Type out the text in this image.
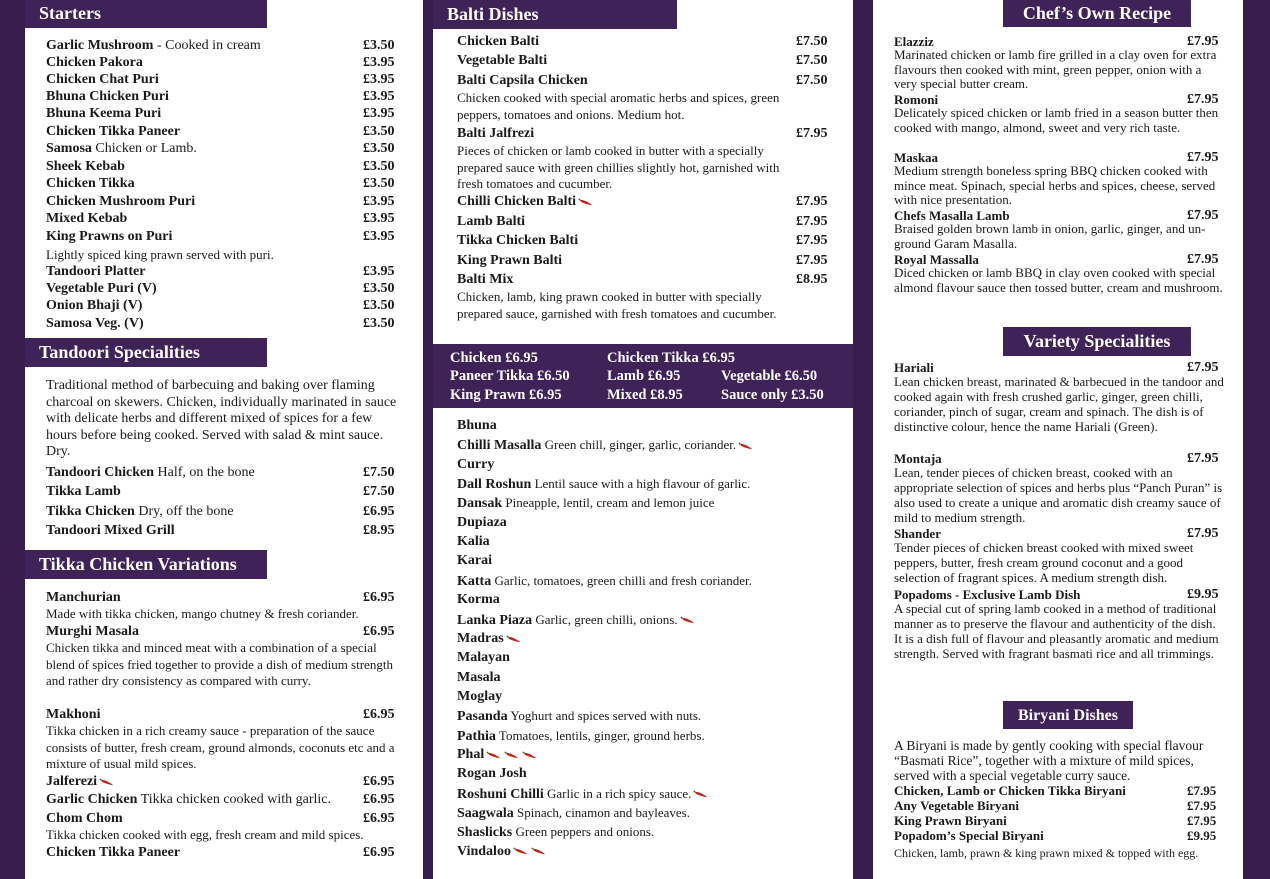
Starters
Tandoori Specialities
Traditional method of barbecuing and baking over flaming charcoal on skewers. Chicken, individually marinated in sauce with delicate herbs and different mixed of spices for a few hours before being cooked. Served with salad & mint sauce. Dry.
Tikka Chicken Variations
Balti Dishes
Chicken £6.95	Chicken Tikka £6.95
Paneer Tikka £6.50	Lamb £6.95	Vegetable £6.50
King Prawn £6.95	Mixed £8.95	Sauce only £3.50
Chef’s Own Recipe
Variety Specialities
Biryani Dishes
A Biryani is made by gently cooking with special flavour “Basmati Rice”, together with a mixture of mild spices, served with a special vegetable curry sauce.
Chicken, lamb, prawn & king prawn mixed & topped with egg.
Garlic Mushroom - Cooked in cream	£3.50
Chicken Pakora	£3.95
Chicken Chat Puri	£3.95
Bhuna Chicken Puri	£3.95
Bhuna Keema Puri	£3.95
Chicken Tikka Paneer	£3.50
Samosa Chicken or Lamb.	£3.50
Sheek Kebab	£3.50
Chicken Tikka	£3.50
Chicken Mushroom Puri	£3.95
Mixed Kebab	£3.95
King Prawns on Puri	£3.95
Lightly spiced king prawn served with puri.
Tandoori Platter	£3.95
Vegetable Puri (V)	£3.50
Onion Bhaji (V)	£3.50
Samosa Veg. (V)	£3.50
Tandoori Chicken Half, on the bone	£7.50
Tikka Lamb	£7.50
Tikka Chicken Dry, off the bone	£6.95
Tandoori Mixed Grill	£8.95
Manchurian	£6.95
Made with tikka chicken, mango chutney & fresh coriander.
Murghi Masala	£6.95
Chicken tikka and minced meat with a combination of a special blend of spices fried together to provide a dish of medium strength and rather dry consistency as compared with curry.
Makhoni	£6.95
Tikka chicken in a rich creamy sauce - preparation of the sauce consists of butter, fresh cream, ground almonds, coconuts etc and a mixture of usual mild spices.
Jalferezi	£6.95
Garlic Chicken Tikka chicken cooked with garlic. £6.95
Chom Chom	£6.95
Tikka chicken cooked with egg, fresh cream and mild spices.
Chicken Tikka Paneer	£6.95
Chicken Balti	£7.50
Vegetable Balti	£7.50
Balti Capsila Chicken	£7.50
Chicken cooked with special aromatic herbs and spices, green peppers, tomatoes and onions. Medium hot.
Balti Jalfrezi	£7.95
Pieces of chicken or lamb cooked in butter with a specially prepared sauce with green chillies slightly hot, garnished with fresh tomatoes and cucumber.
Chilli Chicken Balti	£7.95
Lamb Balti	£7.95
Tikka Chicken Balti	£7.95
King Prawn Balti	£7.95
Balti Mix	£8.95
Chicken, lamb, king prawn cooked in butter with specially prepared sauce, garnished with fresh tomatoes and cucumber.
Bhuna
Chilli Masalla Green chill, ginger, garlic, coriander.
Curry
Dall Roshun Lentil sauce with a high flavour of garlic.
Dansak Pineapple, lentil, cream and lemon juice
Dupiaza
Kalia
Karai
Katta Garlic, tomatoes, green chilli and fresh coriander.
Korma
Lanka Piaza Garlic, green chilli, onions.
Madras
Malayan
Masala
Moglay
Pasanda Yoghurt and spices served with nuts.
Pathia Tomatoes, lentils, ginger, ground herbs.
Phal
Rogan Josh
Roshuni Chilli Garlic in a rich spicy sauce.
Saagwala Spinach, cinamon and bayleaves.
Shaslicks Green peppers and onions.
Vindaloo
Elazziz	£7.95
Marinated chicken or lamb fire grilled in a clay oven for extra flavours then cooked with mint, green pepper, onion with a very special butter cream.
Romoni	£7.95
Delicately spiced chicken or lamb fried in a season butter then cooked with mango, almond, sweet and very rich taste.
Maskaa	£7.95
Medium strength boneless spring BBQ chicken cooked with mince meat. Spinach, special herbs and spices, cheese, served with nice presentation.
Chefs Masalla Lamb	£7.95
Braised golden brown lamb in onion, garlic, ginger, and un-ground Garam Masalla.
Royal Massalla	£7.95
Diced chicken or lamb BBQ in clay oven cooked with special almond flavour sauce then tossed butter, cream and mushroom.
Hariali	£7.95
Lean chicken breast, marinated & barbecued in the tandoor and cooked again with fresh crushed garlic, ginger, green chilli, coriander, pinch of sugar, cream and spinach. The dish is of distinctive colour, hence the name Hariali (Green).
Montaja	£7.95
Lean, tender pieces of chicken breast, cooked with an appropriate selection of spices and herbs plus “Panch Puran” is also used to create a unique and aromatic dish creamy sauce of mild to medium strength.
Shander	£7.95
Tender pieces of chicken breast cooked with mixed sweet peppers, butter, fresh cream ground coconut and a good selection of fragrant spices. A medium strength dish.
Popadoms - Exclusive Lamb Dish	£9.95
A special cut of spring lamb cooked in a method of traditional manner as to preserve the flavour and authenticity of the dish. It is a dish full of flavour and pleasantly aromatic and medium strength. Served with fragrant basmati rice and all trimmings.
Chicken, Lamb or Chicken Tikka Biryani	£7.95
Any Vegetable Biryani	£7.95
King Prawn Biryani	£7.95
Popadom’s Special Biryani	£9.95
